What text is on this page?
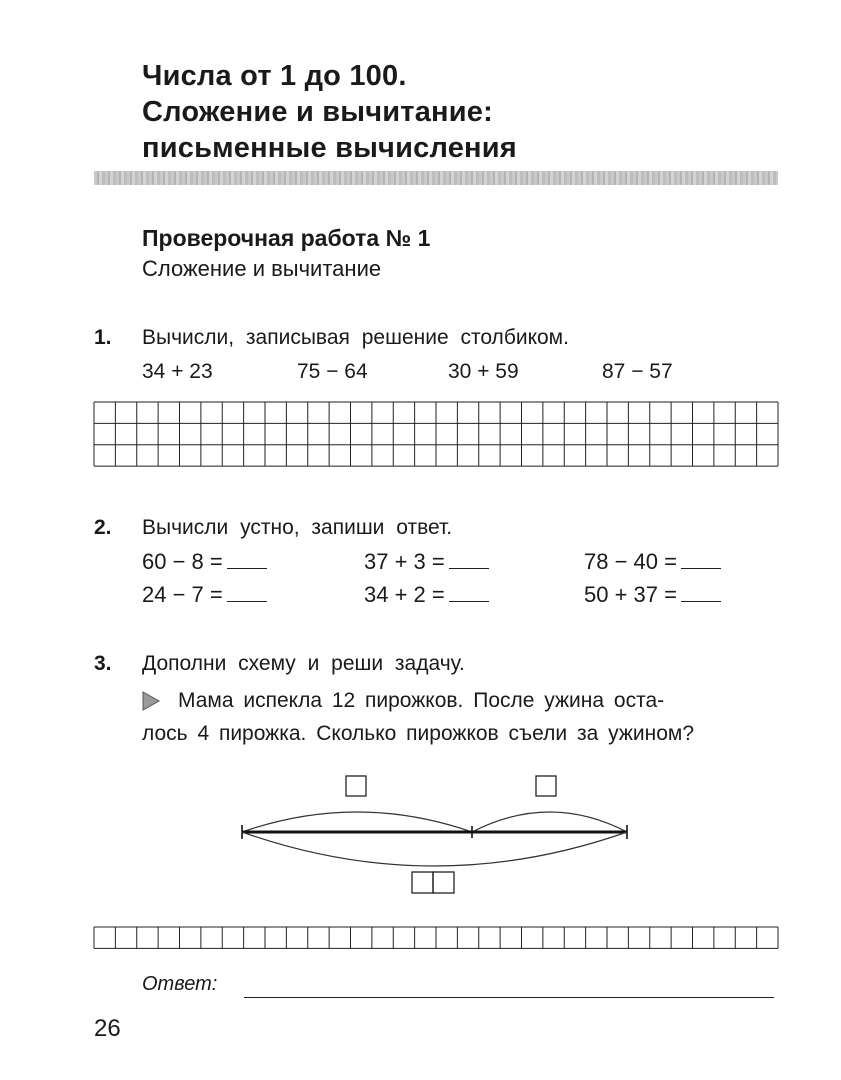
Числа от 1 до 100.
Сложение и вычитание:
письменные вычисления
Проверочная работа № 1
Сложение и вычитание
1. Вычисли, записывая решение столбиком.
34 + 23	75 − 64	30 + 59	87 − 57
2. Вычисли устно, запиши ответ.
60 − 8 =	37 + 3 =	78 − 40 =
24 − 7 =	34 + 2 =	50 + 37 =
3. Дополни схему и реши задачу.
Мама испекла 12 пирожков. После ужина оста-
лось 4 пирожка. Сколько пирожков съели за ужином?
Ответ:
26
